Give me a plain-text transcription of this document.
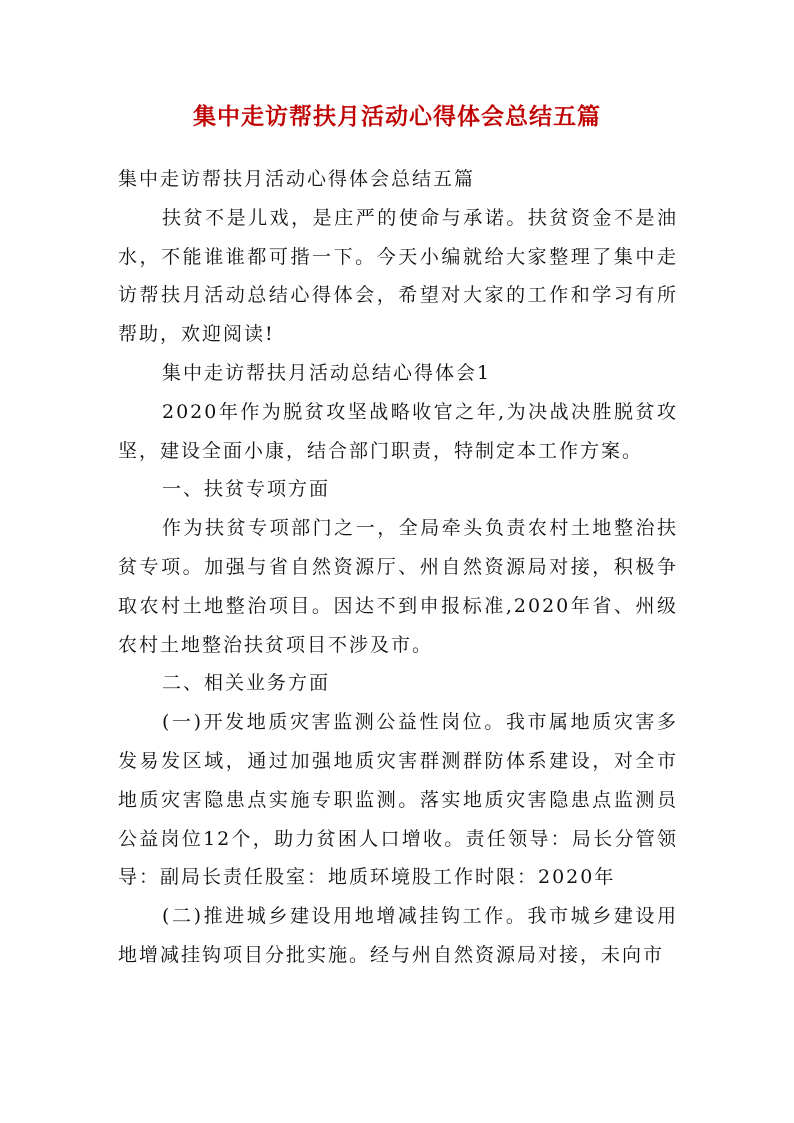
集中走访帮扶月活动心得体会总结五篇

集中走访帮扶月活动心得体会总结五篇

扶贫不是儿戏，是庄严的使命与承诺。扶贫资金不是油水，不能谁谁都可揩一下。今天小编就给大家整理了集中走访帮扶月活动总结心得体会，希望对大家的工作和学习有所帮助，欢迎阅读!

集中走访帮扶月活动总结心得体会1

2020年作为脱贫攻坚战略收官之年,为决战决胜脱贫攻坚，建设全面小康，结合部门职责，特制定本工作方案。

一、扶贫专项方面

作为扶贫专项部门之一，全局牵头负责农村土地整治扶贫专项。加强与省自然资源厅、州自然资源局对接，积极争取农村土地整治项目。因达不到申报标准,2020年省、州级农村土地整治扶贫项目不涉及市。

二、相关业务方面

(一)开发地质灾害监测公益性岗位。我市属地质灾害多发易发区域，通过加强地质灾害群测群防体系建设，对全市地质灾害隐患点实施专职监测。落实地质灾害隐患点监测员公益岗位12个，助力贫困人口增收。责任领导：局长分管领导：副局长责任股室：地质环境股工作时限：2020年

(二)推进城乡建设用地增减挂钩工作。我市城乡建设用地增减挂钩项目分批实施。经与州自然资源局对接，未向市
